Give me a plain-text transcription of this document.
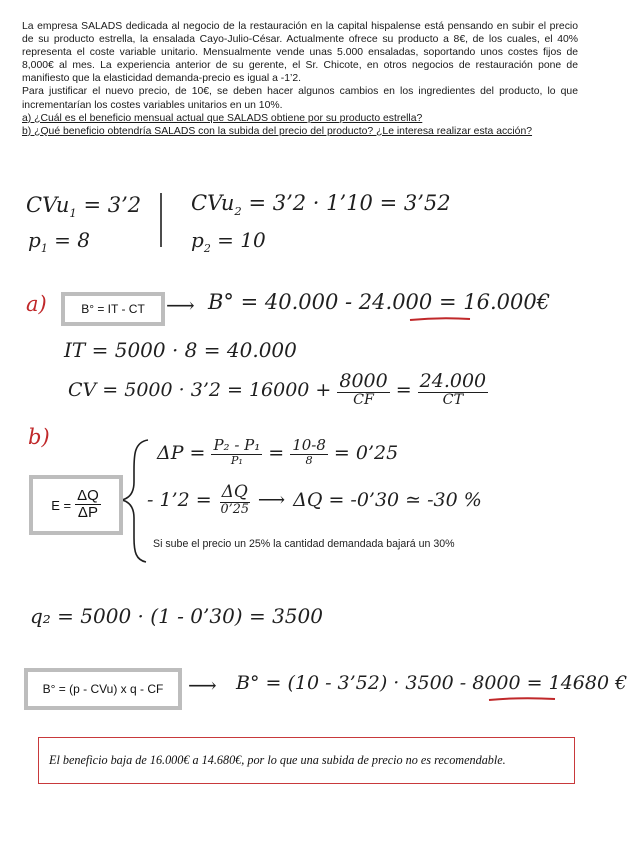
La empresa SALADS dedicada al negocio de la restauración en la capital hispalense está pensando en subir el precio de su producto estrella, la ensalada Cayo-Julio-César. Actualmente ofrece su producto a 8€, de los cuales, el 40% representa el coste variable unitario. Mensualmente vende unas 5.000 ensaladas, soportando unos costes fijos de 8,000€ al mes. La experiencia anterior de su gerente, el Sr. Chicote, en otros negocios de restauración pone de manifiesto que la elasticidad demanda-precio es igual a -1’2.

Para justificar el nuevo precio, de 10€, se deben hacer algunos cambios en los ingredientes del producto, lo que incrementarían los costes variables unitarios en un 10%.

a) ¿Cuál es el beneficio mensual actual que SALADS obtiene por su producto estrella?

b) ¿Qué beneficio obtendría SALADS con la subida del precio del producto? ¿Le interesa realizar esta acción?

CVu$_1$ = 3’2 CVu$_2$ = 3’2 · 1’10 = 3’52
$p_1 = 8$	$p_2 = 10$
a)	B° = IT - CT ⟶ B° = 40.000 - 24.000 = 16.000€
IT = 5000 · 8 = 40.000
CV = 5000 · 3’2 = $16000 + \frac{8000}{CF} = \frac{24.000}{CT}$
b)
$E = \frac{\Delta Q}{\Delta P}$
$\Delta P = \frac{\text{P₂ - P₁}}{\text{P₁}} = \frac{10-8}{8}$ = 0’25
- 1’2 = $\frac{\Delta Q}{0’25}$ ⟶ ΔQ = -0’30 ≃ -30 %
Si sube el precio un 25% la cantidad demandada bajará un 30%
q₂ = 5000 · (1 - 0’30) = 3500
B° = (p - CVu) x q - CF ⟶ B° = (10 - 3’52) · 3500 - 8000 = 14680 €
El beneficio baja de 16.000€ a 14.680€, por lo que una subida de precio no es recomendable.
